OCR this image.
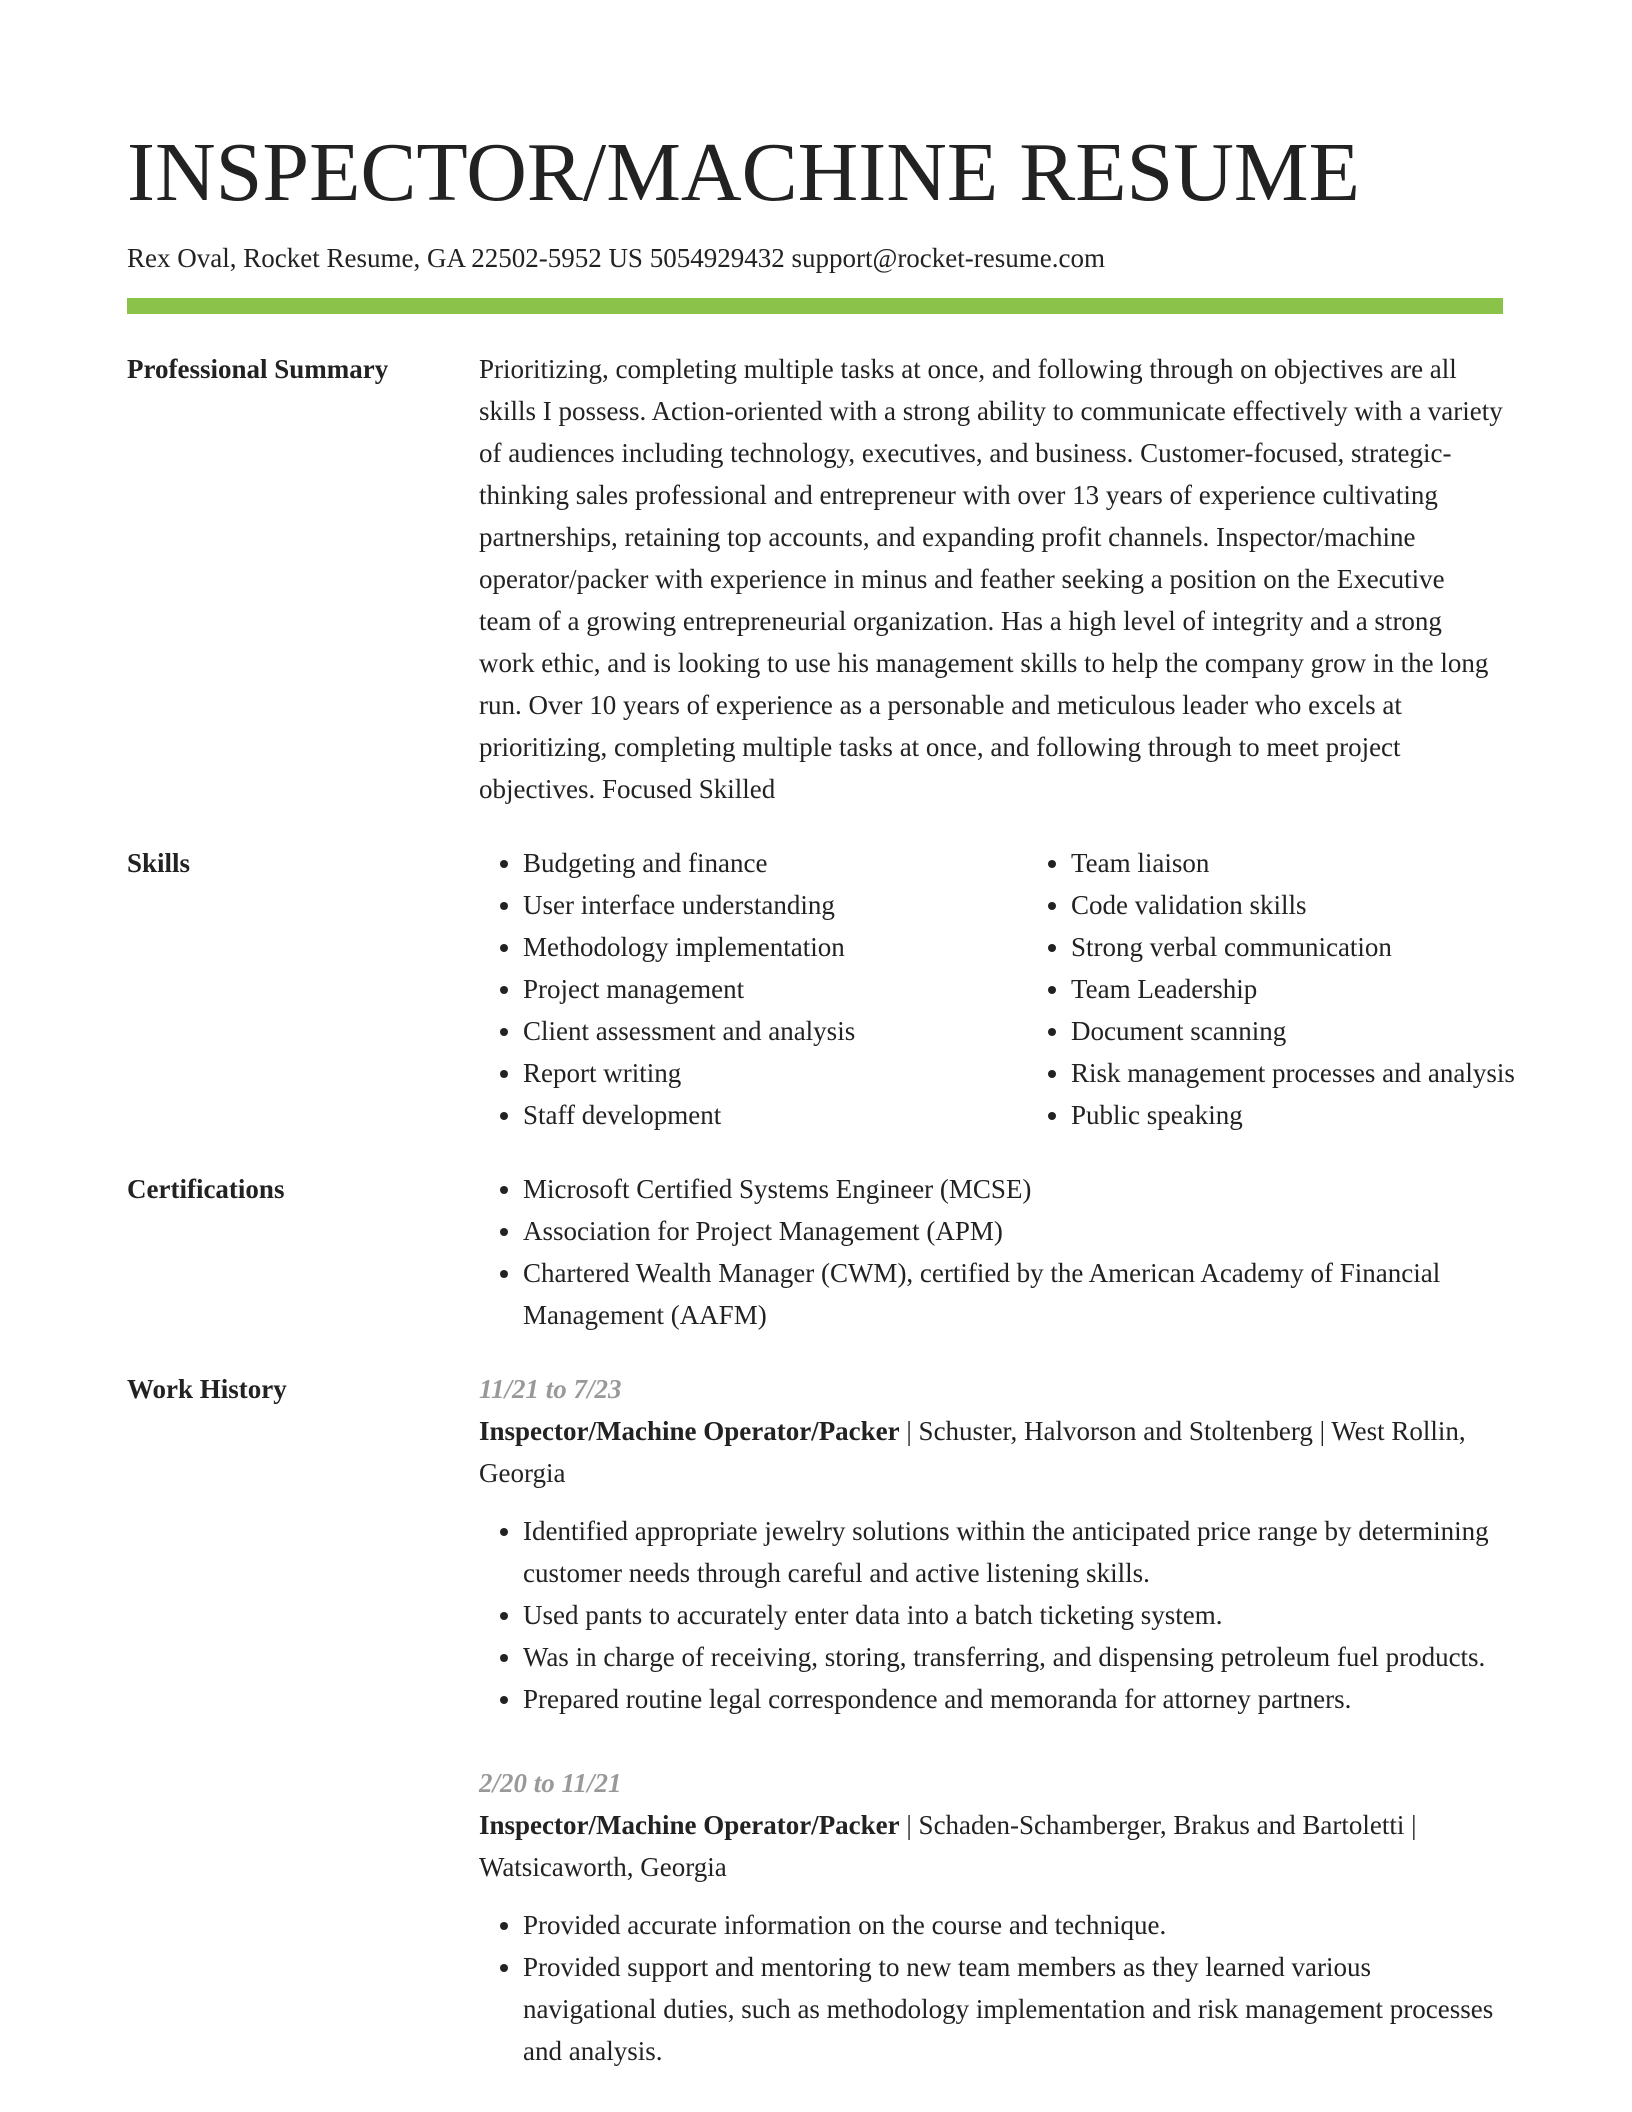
INSPECTOR/MACHINE RESUME
Rex Oval, Rocket Resume, GA 22502-5952 US 5054929432 support@rocket-resume.com
Professional Summary	Prioritizing, completing multiple tasks at once, and following through on objectives are all skills I possess. Action-oriented with a strong ability to communicate effectively with a variety of audiences including technology, executives, and business. Customer-focused, strategic-thinking sales professional and entrepreneur with over 13 years of experience cultivating partnerships, retaining top accounts, and expanding profit channels. Inspector/machine operator/packer with experience in minus and feather seeking a position on the Executive team of a growing entrepreneurial organization. Has a high level of integrity and a strong work ethic, and is looking to use his management skills to help the company grow in the long run. Over 10 years of experience as a personable and meticulous leader who excels at prioritizing, completing multiple tasks at once, and following through to meet project objectives. Focused Skilled
Skills	• Budgeting and finance
• User interface understanding
• Methodology implementation
• Project management
• Client assessment and analysis
• Report writing
• Staff development
• Team liaison
• Code validation skills
• Strong verbal communication
• Team Leadership
• Document scanning
• Risk management processes and analysis
• Public speaking
Certifications	• Microsoft Certified Systems Engineer (MCSE)
• Association for Project Management (APM)
• Chartered Wealth Manager (CWM), certified by the American Academy of Financial Management (AAFM)
Work History	11/21 to 7/23
Inspector/Machine Operator/Packer | Schuster, Halvorson and Stoltenberg | West Rollin, Georgia
• Identified appropriate jewelry solutions within the anticipated price range by determining customer needs through careful and active listening skills.
• Used pants to accurately enter data into a batch ticketing system.
• Was in charge of receiving, storing, transferring, and dispensing petroleum fuel products.
• Prepared routine legal correspondence and memoranda for attorney partners.
2/20 to 11/21
Inspector/Machine Operator/Packer | Schaden-Schamberger, Brakus and Bartoletti | Watsicaworth, Georgia
• Provided accurate information on the course and technique.
• Provided support and mentoring to new team members as they learned various navigational duties, such as methodology implementation and risk management processes and analysis.
